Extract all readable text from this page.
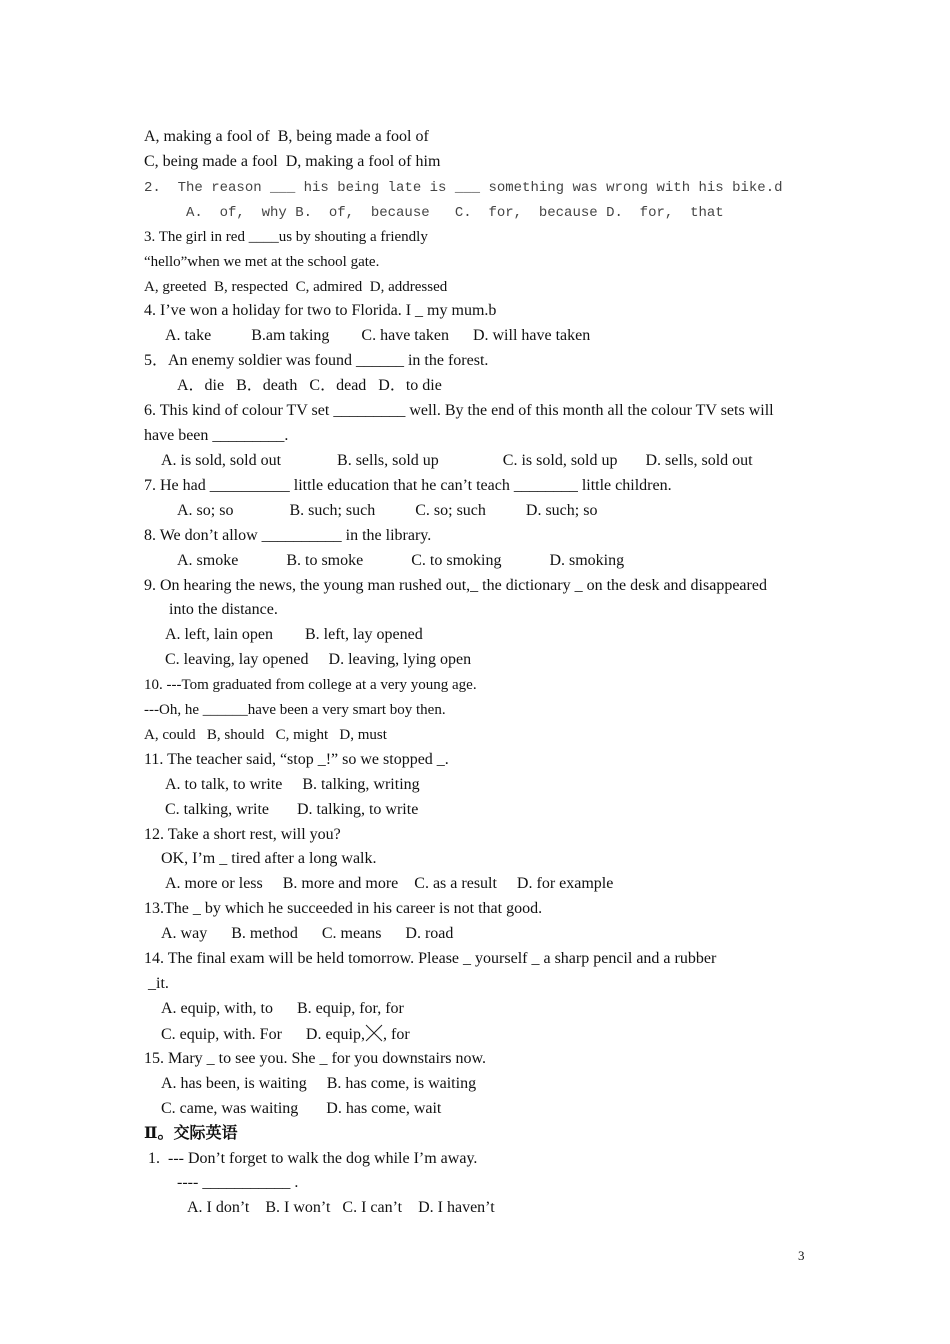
A, making a fool of  B, being made a fool of
C, being made a fool  D, making a fool of him
2.  The reason ___ his being late is ___ something was wrong with his bike.d
A.  of,  why B.  of,  because   C.  for,  because D.  for,  that
3. The girl in red ____us by shouting a friendly
“hello”when we met at the school gate.
A, greeted  B, respected  C, admired  D, addressed
4. I’ve won a holiday for two to Florida. I _ my mum.b
A. take          B.am taking        C. have taken      D. will have taken
5．An enemy soldier was found ______ in the forest.
A．die   B．death   C．dead   D．to die
6. This kind of colour TV set _________ well. By the end of this month all the colour TV sets will
have been _________.
A. is sold, sold out              B. sells, sold up                C. is sold, sold up       D. sells, sold out
7. He had __________ little education that he can’t teach ________ little children.
A. so; so              B. such; such          C. so; such          D. such; so
8. We don’t allow __________ in the library.
A. smoke            B. to smoke            C. to smoking            D. smoking
9. On hearing the news, the young man rushed out,_ the dictionary _ on the desk and disappeared
into the distance.
A. left, lain open        B. left, lay opened
C. leaving, lay opened     D. leaving, lying open
10. ---Tom graduated from college at a very young age.
---Oh, he ______have been a very smart boy then.
A, could   B, should   C, might   D, must
11. The teacher said, “stop _!” so we stopped _.
A. to talk, to write     B. talking, writing
C. talking, write       D. talking, to write
12. Take a short rest, will you?
OK, I’m _ tired after a long walk.
A. more or less     B. more and more    C. as a result     D. for example
13.The _ by which he succeeded in his career is not that good.
A. way      B. method      C. means      D. road
14. The final exam will be held tomorrow. Please _ yourself _ a sharp pencil and a rubber
_it.
A. equip, with, to      B. equip, for, for
C. equip, with. For      D. equip, , for
15. Mary _ to see you. She _ for you downstairs now.
A. has been, is waiting     B. has come, is waiting
C. came, was waiting       D. has come, wait
Ⅱ。交际英语
1.  --- Don’t forget to walk the dog while I’m away.
---- ___________ .
A. I don’t    B. I won’t   C. I can’t    D. I haven’t
3
